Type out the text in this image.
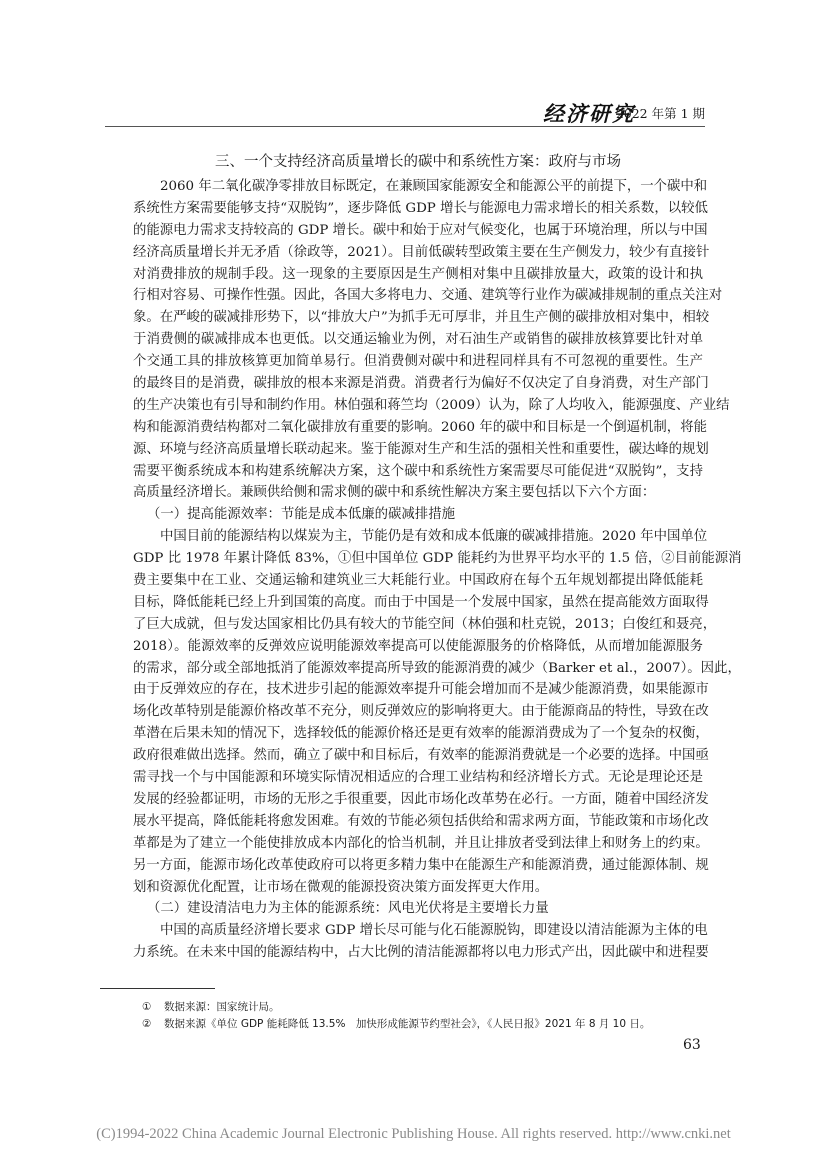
经济研究
2022 年第 1 期
三、一个支持经济高质量增长的碳中和系统性方案：政府与市场
2060 年二氧化碳净零排放目标既定，在兼顾国家能源安全和能源公平的前提下，一个碳中和
系统性方案需要能够支持“双脱钩”，逐步降低 GDP 增长与能源电力需求增长的相关系数，以较低
的能源电力需求支持较高的 GDP 增长。碳中和始于应对气候变化，也属于环境治理，所以与中国
经济高质量增长并无矛盾（徐政等，2021）。目前低碳转型政策主要在生产侧发力，较少有直接针
对消费排放的规制手段。这一现象的主要原因是生产侧相对集中且碳排放量大，政策的设计和执
行相对容易、可操作性强。因此，各国大多将电力、交通、建筑等行业作为碳减排规制的重点关注对
象。在严峻的碳减排形势下，以“排放大户”为抓手无可厚非，并且生产侧的碳排放相对集中，相较
于消费侧的碳减排成本也更低。以交通运输业为例，对石油生产或销售的碳排放核算要比针对单
个交通工具的排放核算更加简单易行。但消费侧对碳中和进程同样具有不可忽视的重要性。生产
的最终目的是消费，碳排放的根本来源是消费。消费者行为偏好不仅决定了自身消费，对生产部门
的生产决策也有引导和制约作用。林伯强和蒋竺均（2009）认为，除了人均收入，能源强度、产业结
构和能源消费结构都对二氧化碳排放有重要的影响。2060 年的碳中和目标是一个倒逼机制，将能
源、环境与经济高质量增长联动起来。鉴于能源对生产和生活的强相关性和重要性，碳达峰的规划
需要平衡系统成本和构建系统解决方案，这个碳中和系统性方案需要尽可能促进“双脱钩”，支持
高质量经济增长。兼顾供给侧和需求侧的碳中和系统性解决方案主要包括以下六个方面：
（一）提高能源效率：节能是成本低廉的碳减排措施
中国目前的能源结构以煤炭为主，节能仍是有效和成本低廉的碳减排措施。2020 年中国单位
GDP 比 1978 年累计降低 83%，①但中国单位 GDP 能耗约为世界平均水平的 1.5 倍，②目前能源消
费主要集中在工业、交通运输和建筑业三大耗能行业。中国政府在每个五年规划都提出降低能耗
目标，降低能耗已经上升到国策的高度。而由于中国是一个发展中国家，虽然在提高能效方面取得
了巨大成就，但与发达国家相比仍具有较大的节能空间（林伯强和杜克锐，2013；白俊红和聂亮，
2018）。能源效率的反弹效应说明能源效率提高可以使能源服务的价格降低，从而增加能源服务
的需求，部分或全部地抵消了能源效率提高所导致的能源消费的减少（Barker et al.，2007）。因此，
由于反弹效应的存在，技术进步引起的能源效率提升可能会增加而不是减少能源消费，如果能源市
场化改革特别是能源价格改革不充分，则反弹效应的影响将更大。由于能源商品的特性，导致在改
革潜在后果未知的情况下，选择较低的能源价格还是更有效率的能源消费成为了一个复杂的权衡，
政府很难做出选择。然而，确立了碳中和目标后，有效率的能源消费就是一个必要的选择。中国亟
需寻找一个与中国能源和环境实际情况相适应的合理工业结构和经济增长方式。无论是理论还是
发展的经验都证明，市场的无形之手很重要，因此市场化改革势在必行。一方面，随着中国经济发
展水平提高，降低能耗将愈发困难。有效的节能必须包括供给和需求两方面，节能政策和市场化改
革都是为了建立一个能使排放成本内部化的恰当机制，并且让排放者受到法律上和财务上的约束。
另一方面，能源市场化改革使政府可以将更多精力集中在能源生产和能源消费，通过能源体制、规
划和资源优化配置，让市场在微观的能源投资决策方面发挥更大作用。
（二）建设清洁电力为主体的能源系统：风电光伏将是主要增长力量
中国的高质量经济增长要求 GDP 增长尽可能与化石能源脱钩，即建设以清洁能源为主体的电
力系统。在未来中国的能源结构中，占大比例的清洁能源都将以电力形式产出，因此碳中和进程要
① 数据来源：国家统计局。
② 数据来源《单位 GDP 能耗降低 13.5%　加快形成能源节约型社会》，《人民日报》2021 年 8 月 10 日。
63
(C)1994-2022 China Academic Journal Electronic Publishing House. All rights reserved. http://www.cnki.net
